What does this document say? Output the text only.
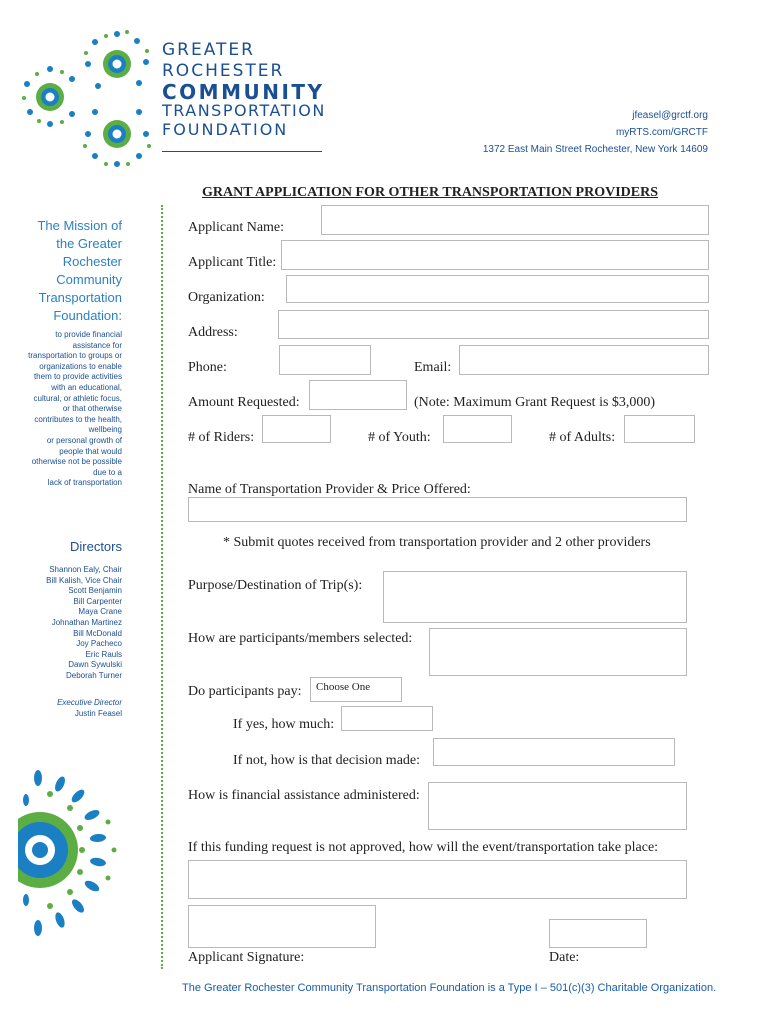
GREATER
ROCHESTER
COMMUNITY
TRANSPORTATION
FOUNDATION
jfeasel@grctf.org
myRTS.com/GRCTF
1372 East Main Street Rochester, New York 14609
GRANT APPLICATION FOR OTHER TRANSPORTATION PROVIDERS
The Mission of
the Greater
Rochester
Community
Transportation
Foundation:
to provide financial
assistance for
transportation to groups or
organizations to enable
them to provide activities
with an educational,
cultural, or athletic focus,
or that otherwise
contributes to the health,
wellbeing
or personal growth of
people that would
otherwise not be possible
due to a
lack of transportation
Directors
Shannon Ealy, Chair
Bill Kalish, Vice Chair
Scott Benjamin
Bill Carpenter
Maya Crane
Johnathan Martinez
Bill McDonald
Joy Pacheco
Eric Rauls
Dawn Sywulski
Deborah Turner
Executive Director
Justin Feasel
Applicant Name:
Applicant Title:
Organization:
Address:
Phone:	Email:
Amount Requested:	(Note: Maximum Grant Request is $3,000)
# of Riders:	# of Youth:	# of Adults:
Name of Transportation Provider & Price Offered:
* Submit quotes received from transportation provider and 2 other providers
Purpose/Destination of Trip(s):
How are participants/members selected:
Do participants pay:	Choose One
If yes, how much:
If not, how is that decision made:
How is financial assistance administered:
If this funding request is not approved, how will the event/transportation take place:
Applicant Signature:	Date:
The Greater Rochester Community Transportation Foundation is a Type I – 501(c)(3) Charitable Organization.
